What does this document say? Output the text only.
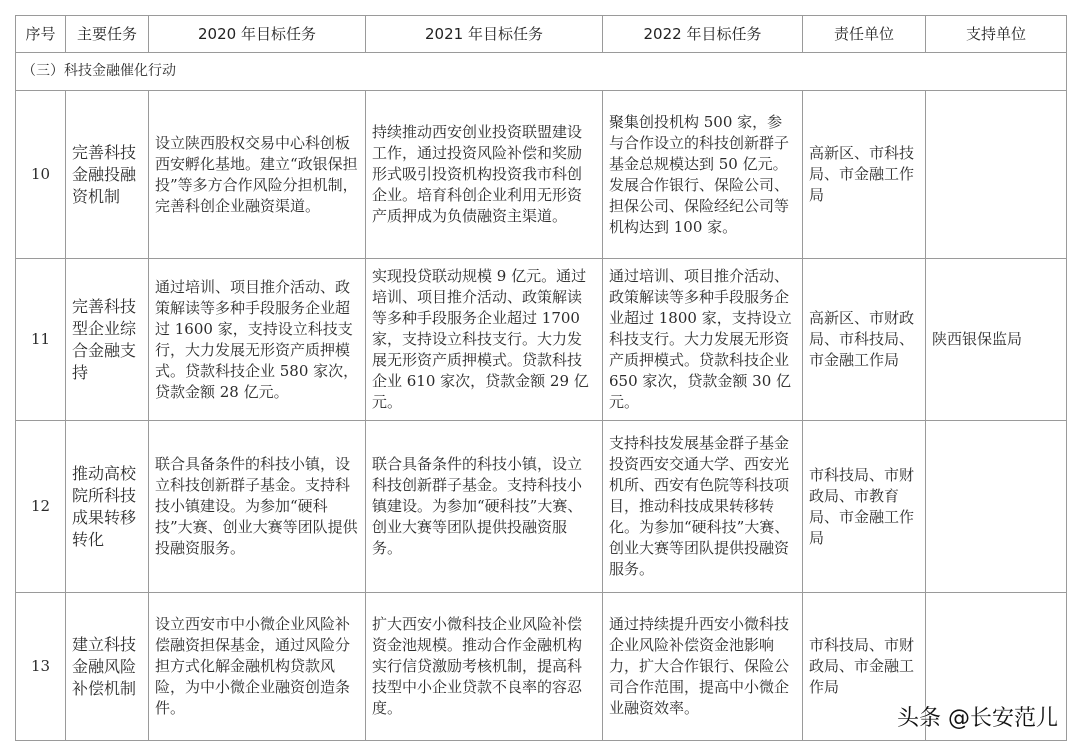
序号	主要任务	2020 年目标任务	2021 年目标任务	2022 年目标任务	责任单位	支持单位
（三）科技金融催化行动						
10	完善科技金融投融资机制	设立陕西股权交易中心科创板西安孵化基地。建立“政银保担投”等多方合作风险分担机制，完善科创企业融资渠道。	持续推动西安创业投资联盟建设工作，通过投资风险补偿和奖励形式吸引投资机构投资我市科创企业。培育科创企业利用无形资产质押成为负债融资主渠道。	聚集创投机构 500 家，参与合作设立的科技创新群子基金总规模达到 50 亿元。发展合作银行、保险公司、担保公司、保险经纪公司等机构达到 100 家。	高新区、市科技局、市金融工作局	
11	完善科技型企业综合金融支持	通过培训、项目推介活动、政策解读等多种手段服务企业超过 1600 家，支持设立科技支行，大力发展无形资产质押模式。贷款科技企业 580 家次，贷款金额 28 亿元。	实现投贷联动规模 9 亿元。通过培训、项目推介活动、政策解读等多种手段服务企业超过 1700 家，支持设立科技支行。大力发展无形资产质押模式。贷款科技企业 610 家次，贷款金额 29 亿元。	通过培训、项目推介活动、政策解读等多种手段服务企业超过 1800 家，支持设立科技支行。大力发展无形资产质押模式。贷款科技企业 650 家次，贷款金额 30 亿元。	高新区、市财政局、市科技局、市金融工作局	陕西银保监局
12	推动高校院所科技成果转移转化	联合具备条件的科技小镇，设立科技创新群子基金。支持科技小镇建设。为参加“硬科技”大赛、创业大赛等团队提供投融资服务。	联合具备条件的科技小镇，设立科技创新群子基金。支持科技小镇建设。为参加“硬科技”大赛、创业大赛等团队提供投融资服务。	支持科技发展基金群子基金投资西安交通大学、西安光机所、西安有色院等科技项目，推动科技成果转移转化。为参加“硬科技”大赛、创业大赛等团队提供投融资服务。	市科技局、市财政局、市教育局、市金融工作局	
13	建立科技金融风险补偿机制	设立西安市中小微企业风险补偿融资担保基金，通过风险分担方式化解金融机构贷款风险，为中小微企业融资创造条件。	扩大西安小微科技企业风险补偿资金池规模。推动合作金融机构实行信贷激励考核机制，提高科技型中小企业贷款不良率的容忍度。	通过持续提升西安小微科技企业风险补偿资金池影响力，扩大合作银行、保险公司合作范围，提高中小微企业融资效率。	市科技局、市财政局、市金融工作局	
头条 @长安范儿
